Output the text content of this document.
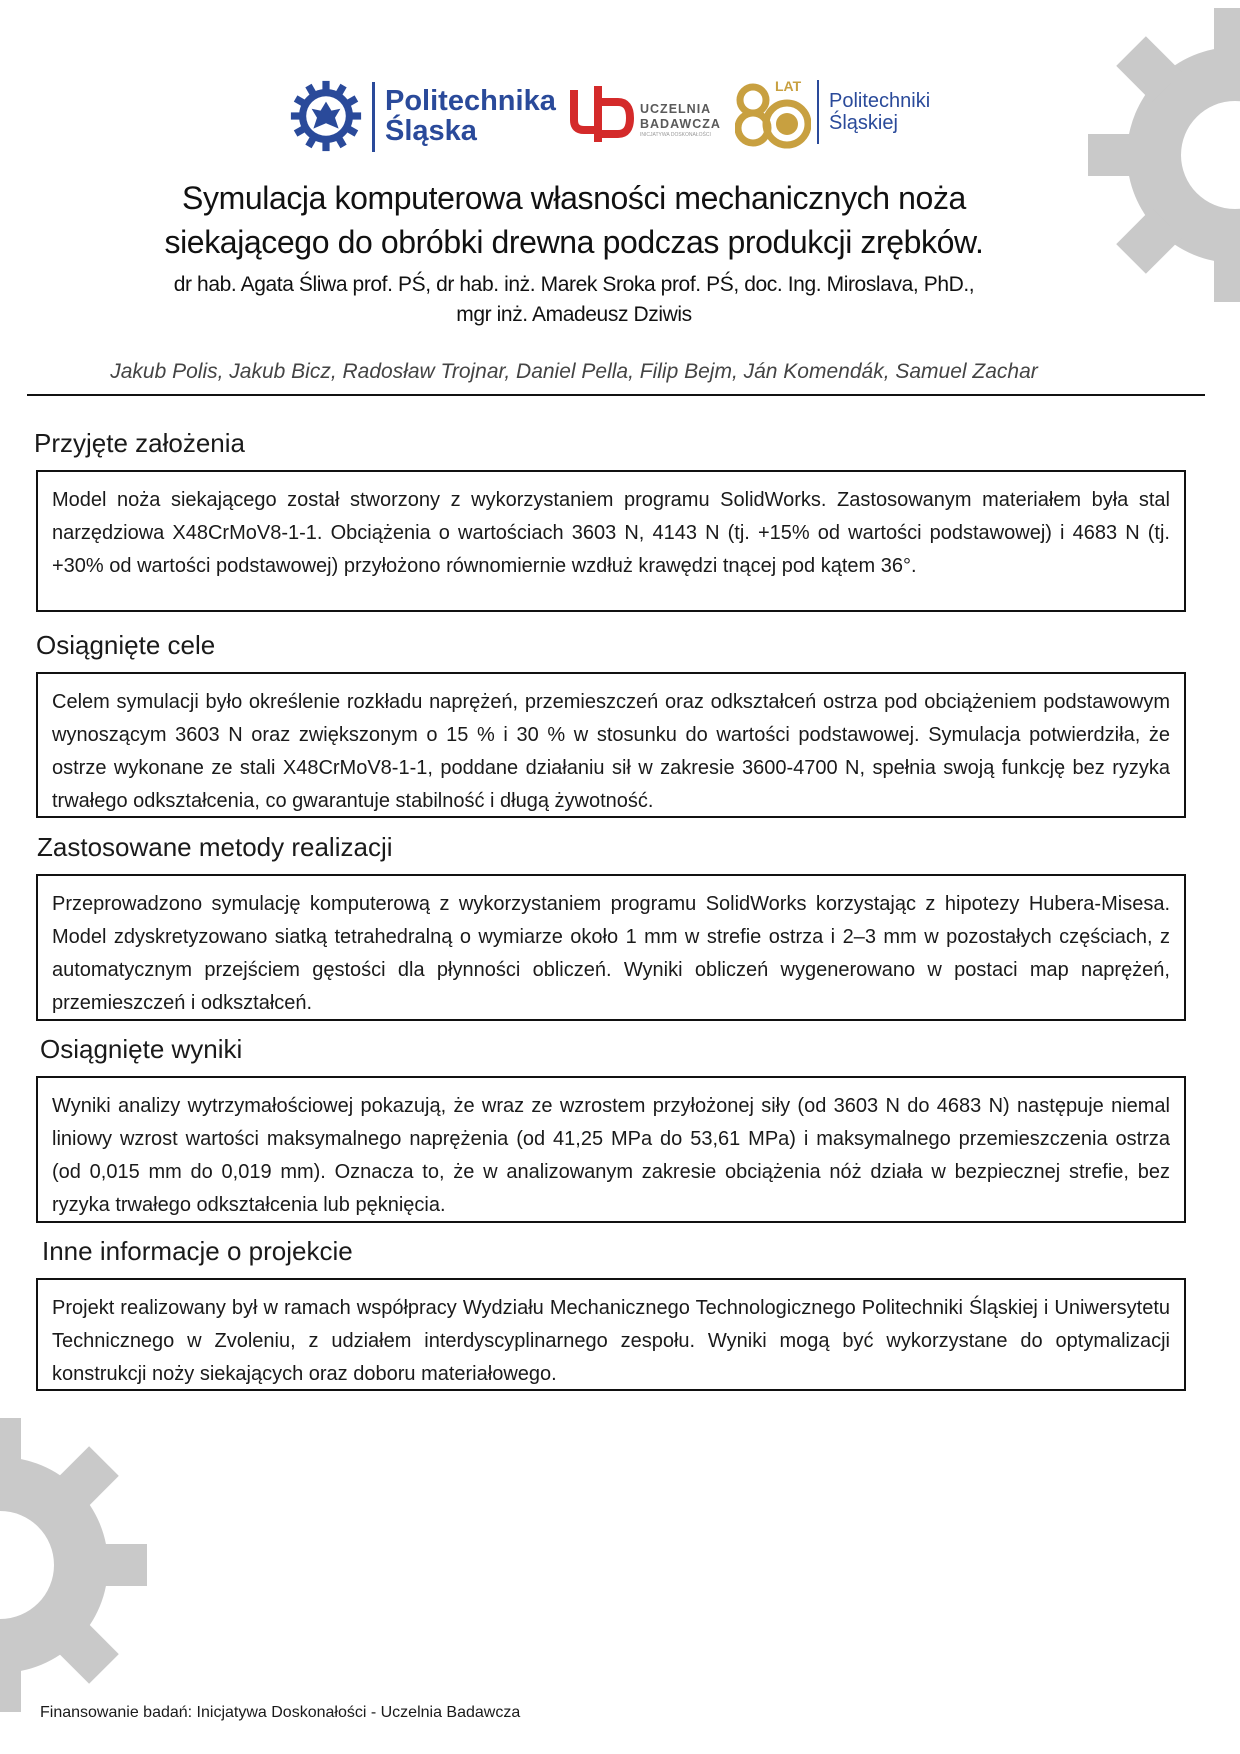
Politechnika
Śląska
UCZELNIA
BADAWCZA
INICJATYWA DOSKONAŁOŚCI
LAT
Politechniki
Śląskiej
Symulacja komputerowa własności mechanicznych noża
siekającego do obróbki drewna podczas produkcji zrębków.
dr hab. Agata Śliwa prof. PŚ, dr hab. inż. Marek Sroka prof. PŚ, doc. Ing. Miroslava, PhD.,
mgr inż. Amadeusz Dziwis
Jakub Polis, Jakub Bicz, Radosław Trojnar, Daniel Pella, Filip Bejm, Ján Komendák, Samuel Zachar
Przyjęte założenia
Model noża siekającego został stworzony z wykorzystaniem programu SolidWorks. Zastosowanym materiałem była stal narzędziowa X48CrMoV8-1-1. Obciążenia o wartościach 3603 N, 4143 N (tj. +15% od wartości podstawowej) i 4683 N (tj. +30% od wartości podstawowej) przyłożono równomiernie wzdłuż krawędzi tnącej pod kątem 36°.
Osiągnięte cele
Celem symulacji było określenie rozkładu naprężeń, przemieszczeń oraz odkształceń ostrza pod obciążeniem podstawowym wynoszącym 3603 N oraz zwiększonym o 15 % i 30 % w stosunku do wartości podstawowej. Symulacja potwierdziła, że ostrze wykonane ze stali X48CrMoV8-1-1, poddane działaniu sił w zakresie 3600-4700 N, spełnia swoją funkcję bez ryzyka trwałego odkształcenia, co gwarantuje stabilność i długą żywotność.
Zastosowane metody realizacji
Przeprowadzono symulację komputerową z wykorzystaniem programu SolidWorks korzystając z hipotezy Hubera-Misesa. Model zdyskretyzowano siatką tetrahedralną o wymiarze około 1 mm w strefie ostrza i 2–3 mm w pozostałych częściach, z automatycznym przejściem gęstości dla płynności obliczeń. Wyniki obliczeń wygenerowano w postaci map naprężeń, przemieszczeń i odkształceń.
Osiągnięte wyniki
Wyniki analizy wytrzymałościowej pokazują, że wraz ze wzrostem przyłożonej siły (od 3603 N do 4683 N) następuje niemal liniowy wzrost wartości maksymalnego naprężenia (od 41,25 MPa do 53,61 MPa) i maksymalnego przemieszczenia ostrza (od 0,015 mm do 0,019 mm). Oznacza to, że w analizowanym zakresie obciążenia nóż działa w bezpiecznej strefie, bez ryzyka trwałego odkształcenia lub pęknięcia.
Inne informacje o projekcie
Projekt realizowany był w ramach współpracy Wydziału Mechanicznego Technologicznego Politechniki Śląskiej i Uniwersytetu Technicznego w Zvoleniu, z udziałem interdyscyplinarnego zespołu. Wyniki mogą być wykorzystane do optymalizacji konstrukcji noży siekających oraz doboru materiałowego.
Finansowanie badań: Inicjatywa Doskonałości - Uczelnia Badawcza
